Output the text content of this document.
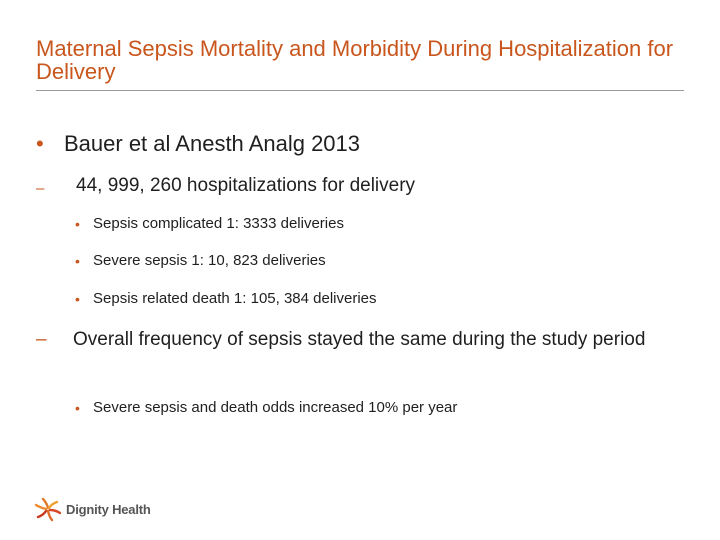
Maternal Sepsis Mortality and Morbidity During Hospitalization for Delivery
• Bauer et al Anesth Analg 2013
– 44, 999, 260 hospitalizations for delivery
• Sepsis complicated 1: 3333 deliveries
• Severe sepsis 1: 10, 823 deliveries
• Sepsis related death 1: 105, 384 deliveries
– Overall frequency of sepsis stayed the same during the study period
• Severe sepsis and death odds increased 10% per year
Dignity Health
